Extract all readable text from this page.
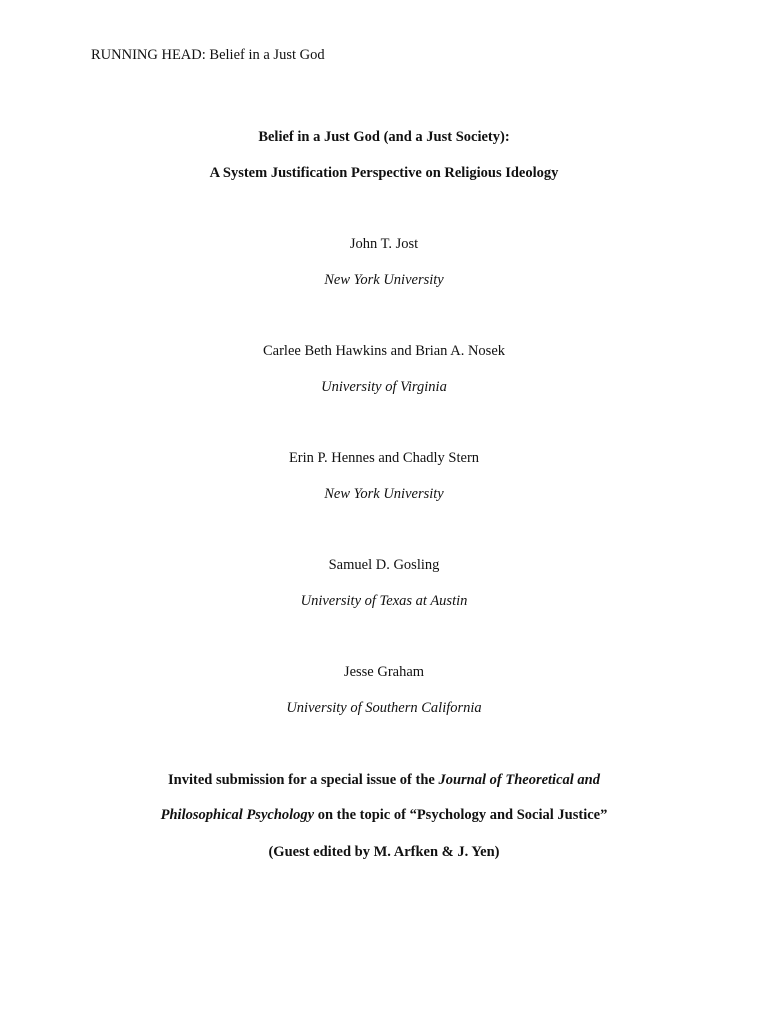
RUNNING HEAD: Belief in a Just God
Belief in a Just God (and a Just Society):
A System Justification Perspective on Religious Ideology
John T. Jost
New York University
Carlee Beth Hawkins and Brian A. Nosek
University of Virginia
Erin P. Hennes and Chadly Stern
New York University
Samuel D. Gosling
University of Texas at Austin
Jesse Graham
University of Southern California
Invited submission for a special issue of the Journal of Theoretical and
Philosophical Psychology on the topic of “Psychology and Social Justice”
(Guest edited by M. Arfken & J. Yen)
